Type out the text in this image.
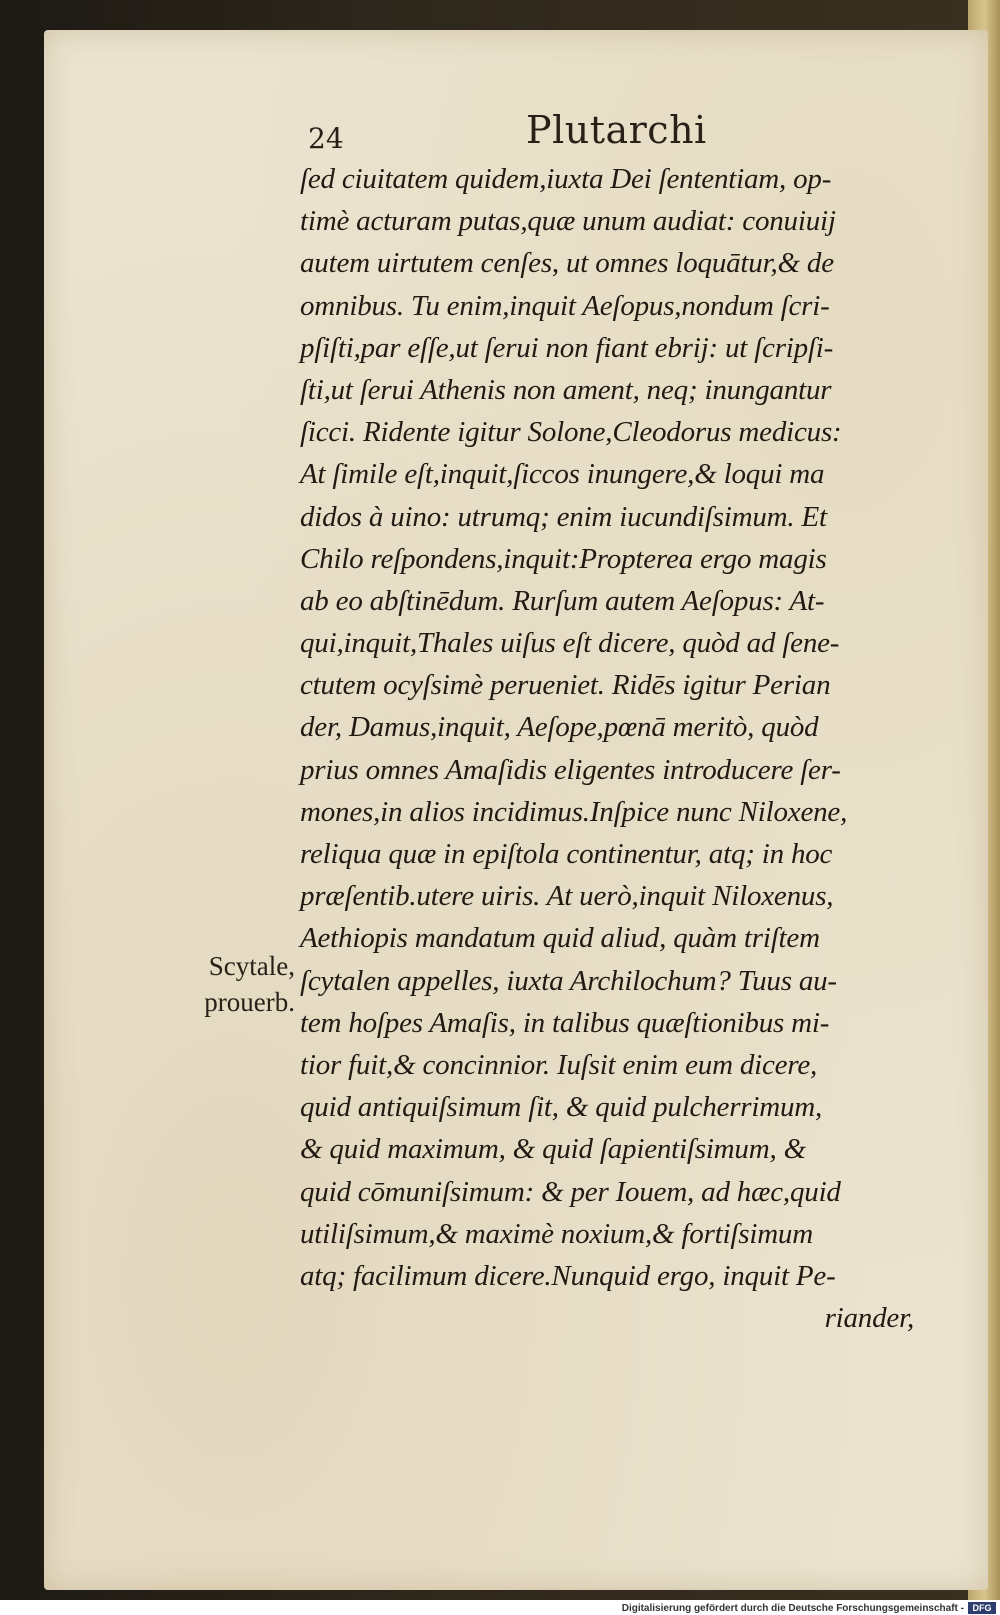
24	Plutarchi
ſed ciuitatem quidem,iuxta Dei ſententiam, op-
timè acturam putas,quæ unum audiat: conuiuij
autem uirtutem cenſes, ut omnes loquātur,& de
omnibus. Tu enim,inquit Aeſopus,nondum ſcri-
pſiſti,par eſſe,ut ſerui non fiant ebrij: ut ſcripſi-
ſti,ut ſerui Athenis non ament, neq; inungantur
ſicci. Ridente igitur Solone,Cleodorus medicus:
At ſimile eſt,inquit,ſiccos inungere,& loqui ma
didos à uino: utrumq; enim iucundiſsimum. Et
Chilo reſpondens,inquit:Propterea ergo magis
ab eo abſtinēdum. Rurſum autem Aeſopus: At-
qui,inquit,Thales uiſus eſt dicere, quòd ad ſene-
ctutem ocyſsimè perueniet. Ridēs igitur Perian
der, Damus,inquit, Aeſope,pœnā meritò, quòd
prius omnes Amaſidis eligentes introducere ſer-
mones,in alios incidimus.Inſpice nunc Niloxene,
reliqua quæ in epiſtola continentur, atq; in hoc
præſentib.utere uiris. At uerò,inquit Niloxenus,
Aethiopis mandatum quid aliud, quàm triſtem
ſcytalen appelles, iuxta Archilochum? Tuus au-
tem hoſpes Amaſis, in talibus quæſtionibus mi-
tior fuit,& concinnior. Iuſsit enim eum dicere,
quid antiquiſsimum ſit, & quid pulcherrimum,
& quid maximum, & quid ſapientiſsimum, &
quid cōmuniſsimum: & per Iouem, ad hæc,quid
utiliſsimum,& maximè noxium,& fortiſsimum
atq; facilimum dicere.Nunquid ergo, inquit Pe-
riander,
Scytale,
prouerb.
Digitalisierung gefördert durch die Deutsche Forschungsgemeinschaft - DFG
